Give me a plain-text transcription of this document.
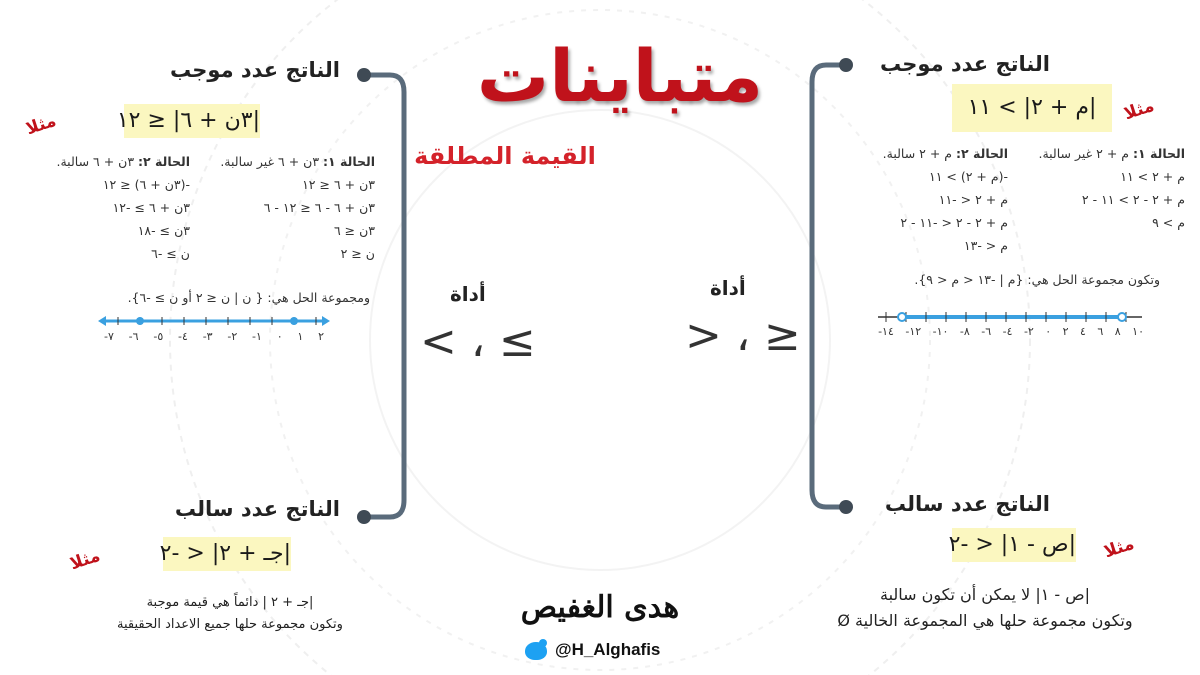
متباينات
القيمة المطلقة
الناتج عدد موجب
مثلا	|٣ن + ٦| ≤ ١٢
الحالة ١: ٣ن + ٦ غير سالبة.
٣ن + ٦ ≤ ١٢
٣ن + ٦ - ٦ ≤ ١٢ - ٦
٣ن ≤ ٦
ن ≤ ٢
الحالة ٢: ٣ن + ٦ سالبة.
-(٣ن + ٦) ≤ ١٢
٣ن + ٦ ≥ -١٢
٣ن ≥ -١٨
ن ≥ -٦
ومجموعة الحل هي: { ن | ن ≤ ٢ أو ن ≥ -٦}.
٢
١
٠
١-
٢-
٣-
٤-
٥-
٦-
٧-
الناتج عدد سالب
مثلا	|جـ + ٢| < -٢
|جـ + ٢ | دائماً هي قيمة موجبة
وتكون مجموعة حلها جميع الاعداد الحقيقية
أداة
< ، ≤
أداة
> ، ≥
الناتج عدد موجب
مثلا
|م + ٢| > ١١
الحالة ١: م + ٢ غير سالبة.
م + ٢ > ١١
م + ٢ - ٢ > ١١ - ٢
م > ٩
الحالة ٢: م + ٢ سالبة.
-(م + ٢) > ١١
م + ٢ < -١١
م + ٢ - ٢ < -١١ - ٢
م < -١٣
وتكون مجموعة الحل هي: {م | -١٣ < م < ٩}.
١٠
٨
٦
٤
٢
٠
٢-
٤-
٦-
٨-
١٠-
١٢-
١٤-
الناتج عدد سالب
مثلا
|ص - ١| < -٢
|ص - ١| لا يمكن أن تكون سالبة
وتكون مجموعة حلها هي المجموعة الخالية Ø
هدى الغفيص
@H_Alghafis
